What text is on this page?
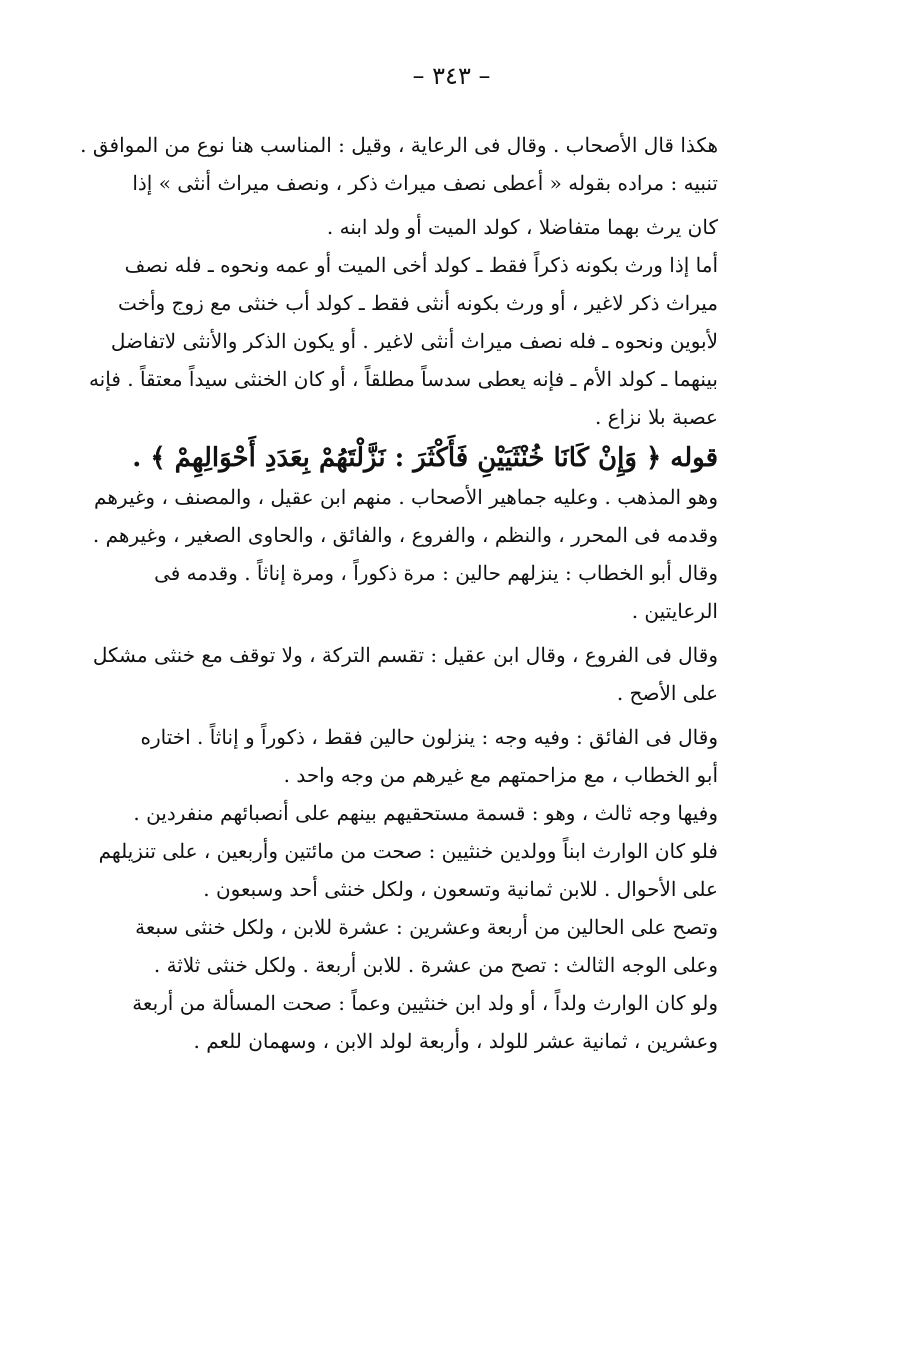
– ٣٤٣ –
هكذا قال الأصحاب . وقال فى الرعاية ، وقيل : المناسب هنا نوع من الموافق .
تنبيه : مراده بقوله « أعطى نصف ميراث ذكر ، ونصف ميراث أنثى » إذا
كان يرث بهما متفاضلا ، كولد الميت أو ولد ابنه .
أما إذا ورث بكونه ذكراً فقط ـ كولد أخى الميت أو عمه ونحوه ـ فله نصف
ميراث ذكر لاغير ، أو ورث بكونه أنثى فقط ـ كولد أب خنثى مع زوج وأخت
لأبوين ونحوه ـ فله نصف ميراث أنثى لاغير . أو يكون الذكر والأنثى لاتفاضل
بينهما ـ كولد الأم ـ فإنه يعطى سدساً مطلقاً ، أو كان الخنثى سيداً معتقاً . فإنه
عصبة بلا نزاع .
قوله ﴿ وَإِنْ كَانَا خُنْثَيَيْنِ فَأَكْثَرَ : نَزَّلْتَهُمْ بِعَدَدِ أَحْوَالِهِمْ ﴾ .
وهو المذهب . وعليه جماهير الأصحاب . منهم ابن عقيل ، والمصنف ، وغيرهم
وقدمه فى المحرر ، والنظم ، والفروع ، والفائق ، والحاوى الصغير ، وغيرهم .
وقال أبو الخطاب : ينزلهم حالين : مرة ذكوراً ، ومرة إناثاً . وقدمه فى
الرعايتين .
وقال فى الفروع ، وقال ابن عقيل : تقسم التركة ، ولا توقف مع خنثى مشكل
على الأصح .
وقال فى الفائق : وفيه وجه : ينزلون حالين فقط ، ذكوراً و إناثاً . اختاره
أبو الخطاب ، مع مزاحمتهم مع غيرهم من وجه واحد .
وفيها وجه ثالث ، وهو : قسمة مستحقيهم بينهم على أنصبائهم منفردين .
فلو كان الوارث ابناً وولدين خنثيين : صحت من مائتين وأربعين ، على تنزيلهم
على الأحوال . للابن ثمانية وتسعون ، ولكل خنثى أحد وسبعون .
وتصح على الحالين من أربعة وعشرين : عشرة للابن ، ولكل خنثى سبعة
وعلى الوجه الثالث : تصح من عشرة . للابن أربعة . ولكل خنثى ثلاثة .
ولو كان الوارث ولداً ، أو ولد ابن خنثيين وعماً : صحت المسألة من أربعة
وعشرين ، ثمانية عشر للولد ، وأربعة لولد الابن ، وسهمان للعم .
